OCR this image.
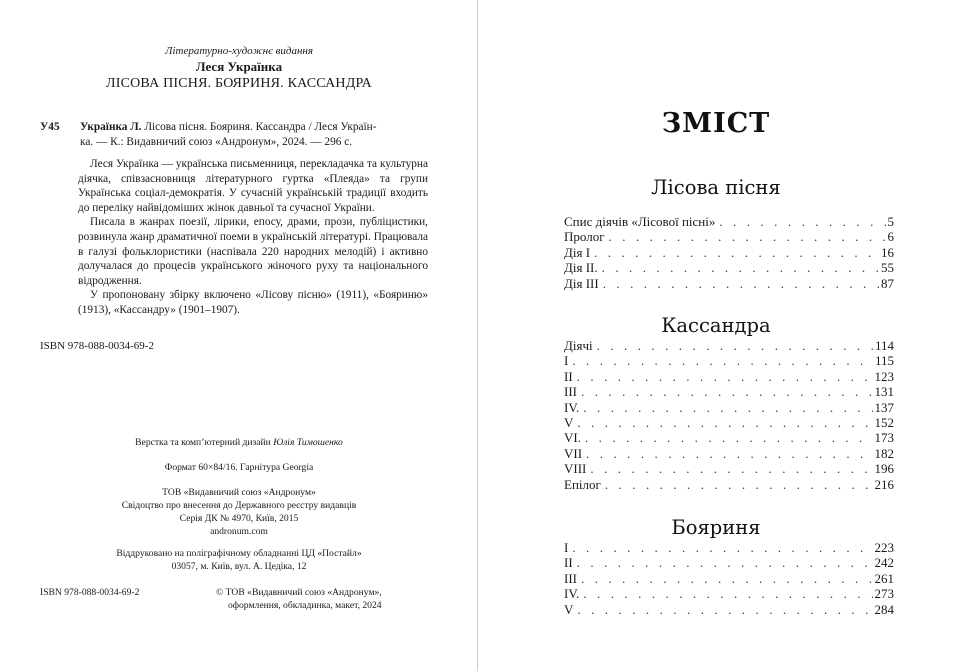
Літературно-художнє видання
Леся Українка
ЛІСОВА ПІСНЯ. БОЯРИНЯ. КАССАНДРА
У45 Українка Л. Лісова пісня. Бояриня. Кассандра / Леся Україн-
ка. — К.: Видавничий союз «Андронум», 2024. — 296 с.

Леся Українка — українська письменниця, перекладачка та культурна діячка, співзасновниця літературного гуртка «Плеяда» та групи Українська соціал-демократія. У сучасній українській традиції входить до переліку найвідоміших жінок давньої та сучасної України.

Писала в жанрах поезії, лірики, епосу, драми, прози, публіцистики, розвинула жанр драматичної поеми в українській літературі. Працювала в галузі фольклористики (наспівала 220 народних мелодій) і активно долучалася до процесів українського жіночого руху та національного відродження.

У пропоновану збірку включено «Лісову пісню» (1911), «Бояриню» (1913), «Кассандру» (1901–1907).

ISBN 978-088-0034-69-2
Верстка та комп’ютерний дизайн Юлія Тимошенко
Формат 60×84/16. Гарнітура Georgia
ТОВ «Видавничий союз «Андронум»
Свідоцтво про внесення до Державного реєстру видавців
Серія ДК № 4970, Київ, 2015
andronum.com
Віддруковано на поліграфічному обладнанні ЦД «Постайл»
03057, м. Київ, вул. А. Цедіка, 12
ISBN 978-088-0034-69-2	© ТОВ «Видавничий союз «Андронум»,
оформлення, обкладинка, макет, 2024
ЗМІСТ
Лісова пісня
Спис діячів «Лісової пісні» . . .	5
Пролог . . .	6
Дія І . . .	16
Дія ІІ. . . .	55
Дія ІІІ . . .	87
Кассандра
Діячі . . .	114
І . . .	115
ІІ . . .	123
ІІІ . . .	131
IV. . . .	137
V . . .	152
VI. . . .	173
VII . . .	182
VIII . . .	196
Епілог . . .	216
Бояриня
І . . .	223
ІІ . . .	242
ІІІ . . .	261
IV. . . .	273
V . . .	284
